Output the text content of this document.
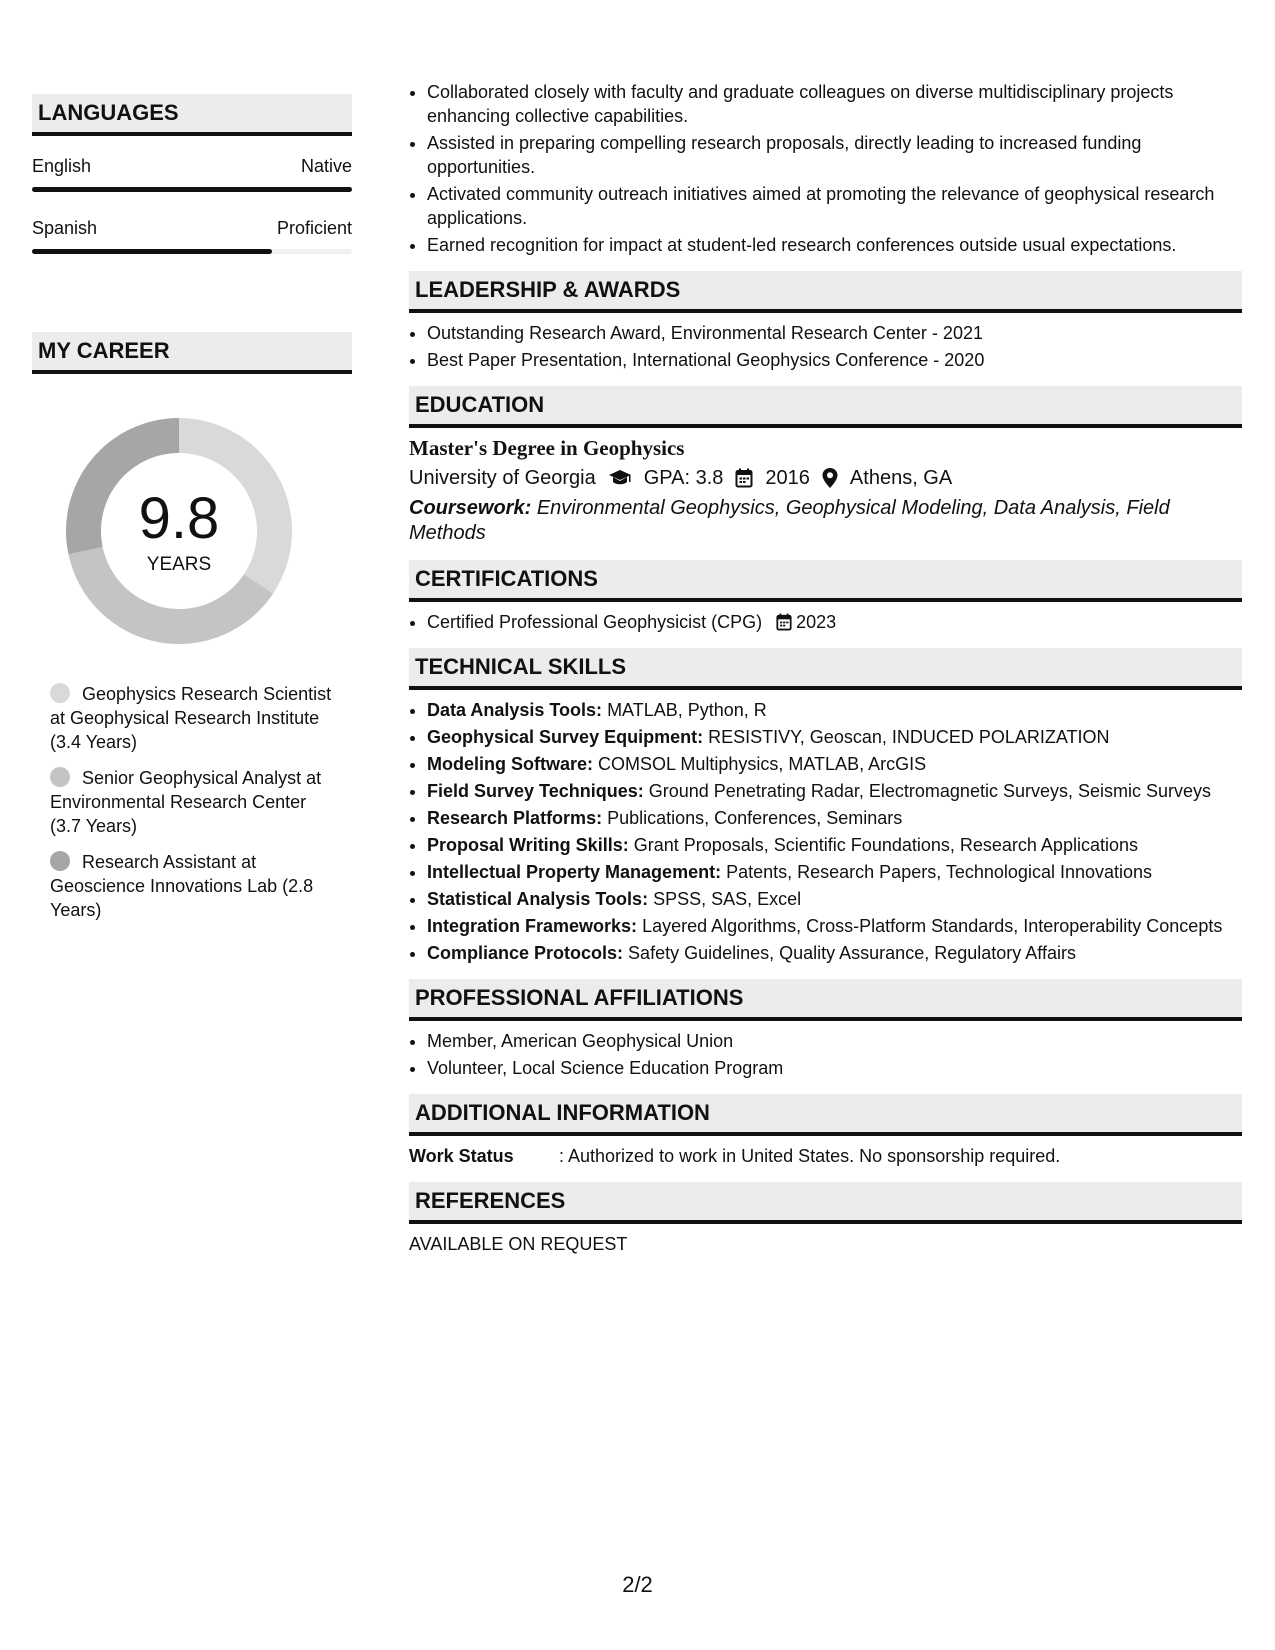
LANGUAGES
English	Native
Spanish	Proficient
MY CAREER
9.8
YEARS
Geophysics Research Scientist at Geophysical Research Institute (3.4 Years)
Senior Geophysical Analyst at Environmental Research Center (3.7 Years)
Research Assistant at Geoscience Innovations Lab (2.8 Years)
• Collaborated closely with faculty and graduate colleagues on diverse multidisciplinary projects enhancing collective capabilities.
• Assisted in preparing compelling research proposals, directly leading to increased funding opportunities.
• Activated community outreach initiatives aimed at promoting the relevance of geophysical research applications.
• Earned recognition for impact at student-led research conferences outside usual expectations.
LEADERSHIP & AWARDS
• Outstanding Research Award, Environmental Research Center - 2021
• Best Paper Presentation, International Geophysics Conference - 2020
EDUCATION
Master's Degree in Geophysics
University of Georgia GPA: 3.8 2016 Athens, GA
Coursework: Environmental Geophysics, Geophysical Modeling, Data Analysis, Field Methods
CERTIFICATIONS
• Certified Professional Geophysicist (CPG) 2023
TECHNICAL SKILLS
• Data Analysis Tools: MATLAB, Python, R
• Geophysical Survey Equipment: RESISTIVY, Geoscan, INDUCED POLARIZATION
• Modeling Software: COMSOL Multiphysics, MATLAB, ArcGIS
• Field Survey Techniques: Ground Penetrating Radar, Electromagnetic Surveys, Seismic Surveys
• Research Platforms: Publications, Conferences, Seminars
• Proposal Writing Skills: Grant Proposals, Scientific Foundations, Research Applications
• Intellectual Property Management: Patents, Research Papers, Technological Innovations
• Statistical Analysis Tools: SPSS, SAS, Excel
• Integration Frameworks: Layered Algorithms, Cross-Platform Standards, Interoperability Concepts
• Compliance Protocols: Safety Guidelines, Quality Assurance, Regulatory Affairs
PROFESSIONAL AFFILIATIONS
• Member, American Geophysical Union
• Volunteer, Local Science Education Program
ADDITIONAL INFORMATION
Work Status	: Authorized to work in United States. No sponsorship required.
REFERENCES
AVAILABLE ON REQUEST
2/2
